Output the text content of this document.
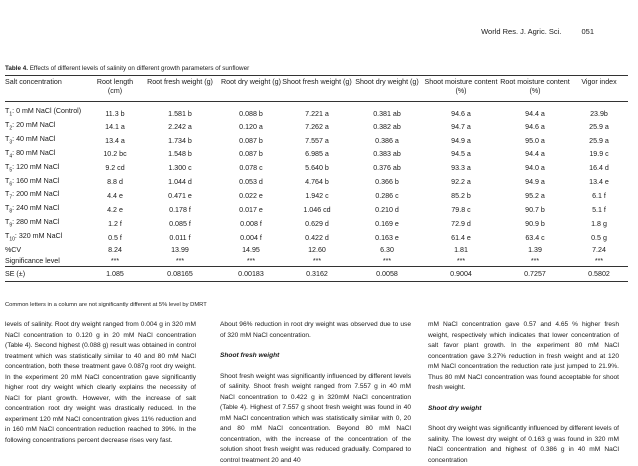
World Res. J. Agric. Sci.	051
Table 4. Effects of different levels of salinity on different growth parameters of sunflower
Salt concentration	Root length (cm)	Root fresh weight (g)	Root dry weight (g)	Shoot fresh weight (g)	Shoot dry weight (g)	Shoot moisture content (%)	Root moisture content (%)	Vigor index
$T_1$: 0 mM NaCl (Control)	11.3 b	1.581 b	0.088 b	7.221 a	0.381 ab	94.6 a	94.4 a	23.9b
$T_2$: 20 mM NaCl	14.1 a	2.242 a	0.120 a	7.262 a	0.382 ab	94.7 a	94.6 a	25.9 a
$T_3$: 40 mM NaCl	13.4 a	1.734 b	0.087 b	7.557 a	0.386 a	94.9 a	95.0 a	25.9 a
$T_4$: 80 mM NaCl	10.2 bc	1.548 b	0.087 b	6.985 a	0.383 ab	94.5 a	94.4 a	19.9 c
$T_5$: 120 mM NaCl	9.2 cd	1.300 c	0.078 c	5.640 b	0.376 ab	93.3 a	94.0 a	16.4 d
$T_6$: 160 mM NaCl	8.8 d	1.044 d	0.053 d	4.764 b	0.366 b	92.2 a	94.9 a	13.4 e
$T_7$: 200 mM NaCl	4.4 e	0.471 e	0.022 e	1.942 c	0.286 c	85.2 b	95.2 a	6.1 f
$T_8$: 240 mM NaCl	4.2 e	0.178 f	0.017 e	1.046 cd	0.210 d	79.8 c	90.7 b	5.1 f
$T_9$: 280 mM NaCl	1.2 f	0.085 f	0.008 f	0.629 d	0.169 e	72.9 d	90.9 b	1.8 g
$T_{10}$: 320 mM NaCl	0.5 f	0.011 f	0.004 f	0.422 d	0.163 e	61.4 e	63.4 c	0.5 g
%CV	8.24	13.99	14.95	12.60	6.30	1.81	1.39	7.24
Significance level	***	***	***	***	***	***	***	***
SE (±)	1.085	0.08165	0.00183	0.3162	0.0058	0.9004	0.7257	0.5802
Common letters in a column are not significantly different at 5% level by DMRT

levels of salinity. Root dry weight ranged from 0.004 g in 320 mM NaCl concentration to 0.120 g in 20 mM NaCl concentration (Table 4). Second highest (0.088 g) result was obtained in control treatment which was statistically similar to 40 and 80 mM NaCl concentration, both these treatment gave 0.087g root dry weight. In the experiment 20 mM NaCl concentration gave significantly higher root dry weight which clearly explains the necessity of NaCl for plant growth. However, with the increase of salt concentration root dry weight was drastically reduced. In the experiment 120 mM NaCl concentration gives 11% reduction and in 160 mM NaCl concentration reduction reached to 39%. In the following concentrations percent decrease rises very fast.

About 96% reduction in root dry weight was observed due to use of 320 mM NaCl concentration.

Shoot fresh weight

Shoot fresh weight was significantly influenced by different levels of salinity. Shoot fresh weight ranged from 7.557 g in 40 mM NaCl concentration to 0.422 g in 320mM NaCl concentration (Table 4). Highest of 7.557 g shoot fresh weight was found in 40 mM NaCl concentration which was statistically similar with 0, 20 and 80 mM NaCl concentration. Beyond 80 mM NaCl concentration, with the increase of the concentration of the solution shoot fresh weight was reduced gradually. Compared to control treatment 20 and 40

mM NaCl concentration gave 0.57 and 4.65 % higher fresh weight, respectively which indicates that lower concentration of salt favor plant growth. In the experiment 80 mM NaCl concentration gave 3.27% reduction in fresh weight and at 120 mM NaCl concentration the reduction rate just jumped to 21.9%. Thus 80 mM NaCl concentration was found acceptable for shoot fresh weight.

Shoot dry weight

Shoot dry weight was significantly influenced by different levels of salinity. The lowest dry weight of 0.163 g was found in 320 mM NaCl concentration and highest of 0.386 g in 40 mM NaCl concentration
